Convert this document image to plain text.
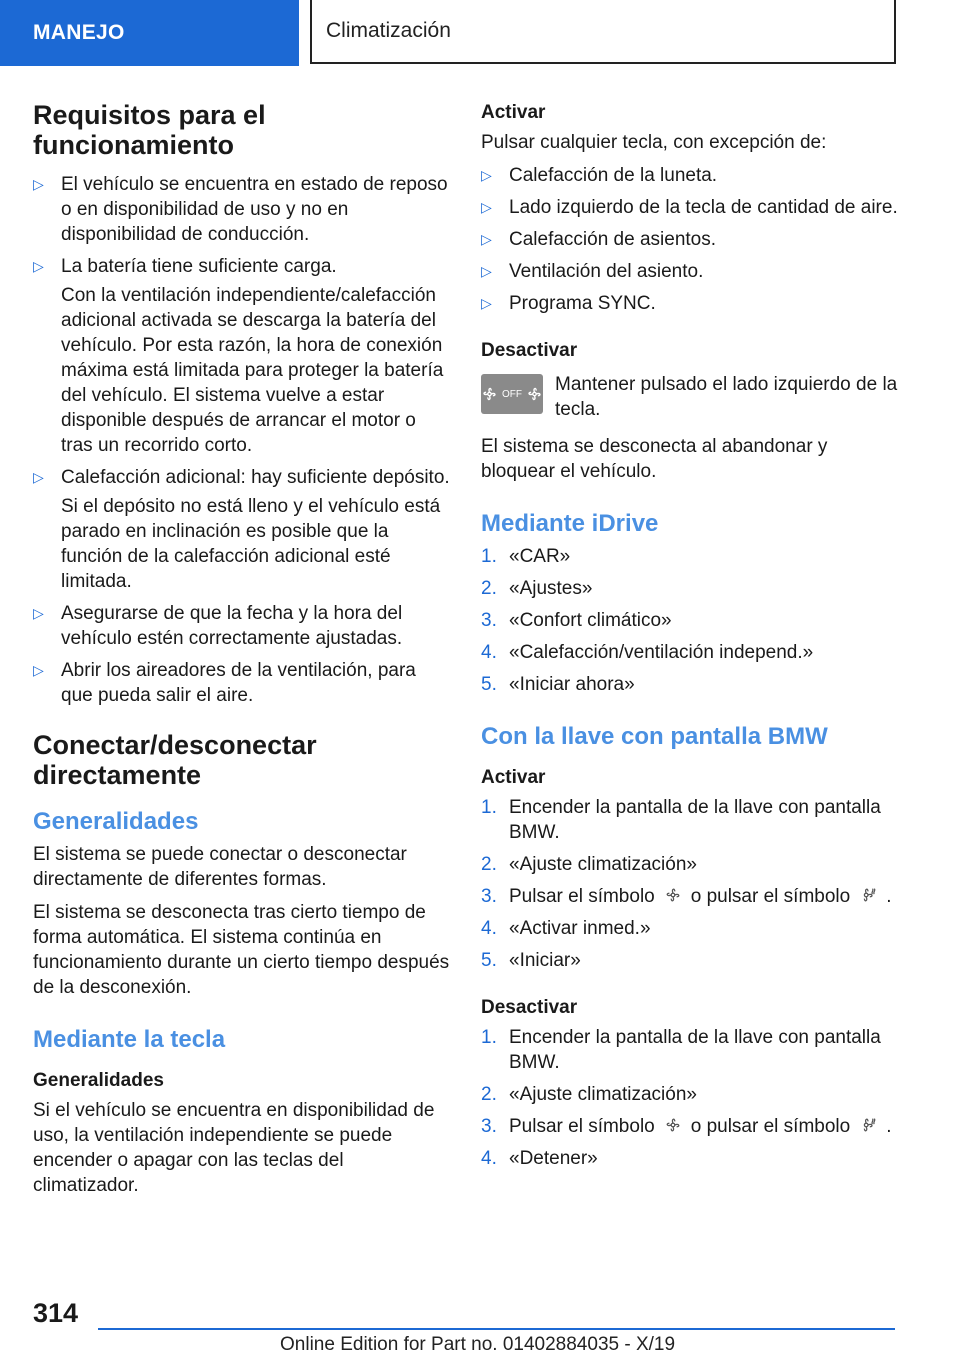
MANEJO	Climatización
Requisitos para el funcionamiento
▷ El vehículo se encuentra en estado de reposo o en disponibilidad de uso y no en disponibilidad de conducción.
▷ La batería tiene suficiente carga.

Con la ventilación independiente/calefacción adicional activada se descarga la batería del vehículo. Por esta razón, la hora de conexión máxima está limitada para proteger la batería del vehículo. El sistema vuelve a estar disponible después de arrancar el motor o tras un recorrido corto.

▷ Calefacción adicional: hay suficiente depósito.

Si el depósito no está lleno y el vehículo está parado en inclinación es posible que la función de la calefacción adicional esté limitada.

▷ Asegurarse de que la fecha y la hora del vehículo estén correctamente ajustadas.
▷ Abrir los aireadores de la ventilación, para que pueda salir el aire.
Conectar/desconectar directamente
Generalidades

El sistema se puede conectar o desconectar directamente de diferentes formas.

El sistema se desconecta tras cierto tiempo de forma automática. El sistema continúa en funcionamiento durante un cierto tiempo después de la desconexión.

Mediante la tecla
Generalidades

Si el vehículo se encuentra en disponibilidad de uso, la ventilación independiente se puede encender o apagar con las teclas del climatizador.

Activar

Pulsar cualquier tecla, con excepción de:

▷ Calefacción de la luneta.
▷ Lado izquierdo de la tecla de cantidad de aire.
▷ Calefacción de asientos.
▷ Ventilación del asiento.
▷ Programa SYNC.
Desactivar
OFF Mantener pulsado el lado izquierdo de la tecla.

El sistema se desconecta al abandonar y bloquear el vehículo.

Mediante iDrive
1. «CAR»
2. «Ajustes»
3. «Confort climático»
4. «Calefacción/ventilación independ.»
5. «Iniciar ahora»
Con la llave con pantalla BMW
Activar
1. Encender la pantalla de la llave con pantalla BMW.
2. «Ajuste climatización»
3. Pulsar el símbolo o pulsar el símbolo .
4. «Activar inmed.»
5. «Iniciar»
Desactivar
1. Encender la pantalla de la llave con pantalla BMW.
2. «Ajuste climatización»
3. Pulsar el símbolo o pulsar el símbolo .
4. «Detener»
314
Online Edition for Part no. 01402884035 - X/19
